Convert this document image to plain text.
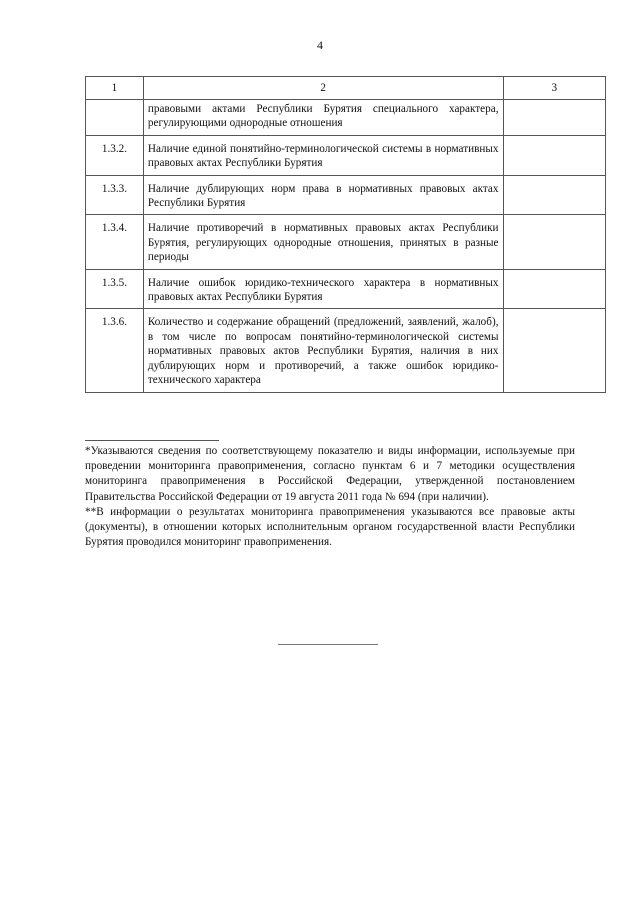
4
1	2	3

	правовыми актами Республики Бурятия специального характера, регулирующими однородные отношения	

1.3.2.	Наличие единой понятийно-терминологической системы в нормативных правовых актах Республики Бурятия	

1.3.3.	Наличие дублирующих норм права в нормативных правовых актах Республики Бурятия	

1.3.4.	Наличие противоречий в нормативных правовых актах Республики Бурятия, регулирующих однородные отношения, принятых в разные периоды	

1.3.5.	Наличие ошибок юридико-технического характера в нормативных правовых актах Республики Бурятия	

1.3.6.	Количество и содержание обращений (предложений, заявлений, жалоб), в том числе по вопросам понятийно-терминологической системы нормативных правовых актов Республики Бурятия, наличия в них дублирующих норм и противоречий, а также ошибок юридико-технического характера	

*Указываются сведения по соответствующему показателю и виды информации, используемые при проведении мониторинга правоприменения, согласно пунктам 6 и 7 методики осуществления мониторинга правоприменения в Российской Федерации, утвержденной постановлением Правительства Российской Федерации от 19 августа 2011 года № 694 (при наличии).

**В информации о результатах мониторинга правоприменения указываются все правовые акты (документы), в отношении которых исполнительным органом государственной власти Республики Бурятия проводился мониторинг правоприменения.
